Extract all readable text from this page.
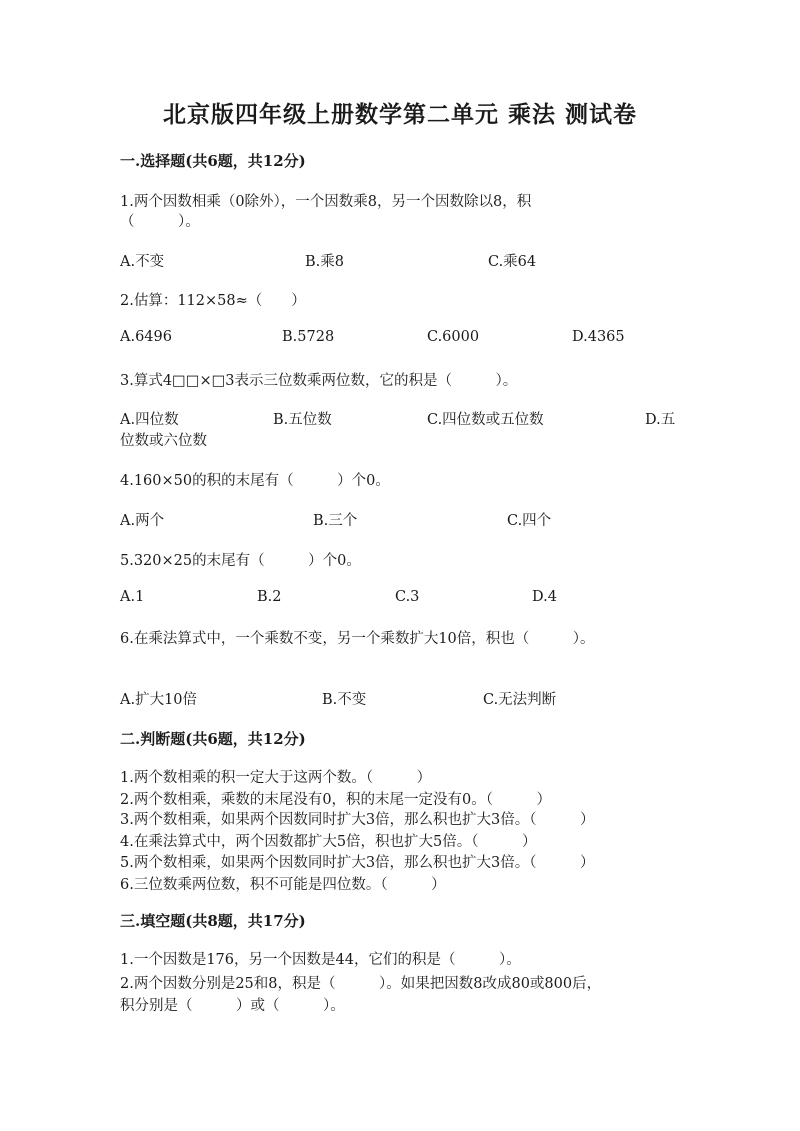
北京版四年级上册数学第二单元 乘法 测试卷
一.选择题(共6题，共12分)
1.两个因数相乘（0除外），一个因数乘8，另一个因数除以8，积
（　　　）。
A.不变	B.乘8	C.乘64
2.估算：112×58≈（　　）
A.6496	B.5728	C.6000	D.4365
3.算式4□□×□3表示三位数乘两位数，它的积是（　　　）。
A.四位数	B.五位数	C.四位数或五位数	D.五
位数或六位数
4.160×50的积的末尾有（　　　）个0。
A.两个	B.三个	C.四个
5.320×25的末尾有（　　　）个0。
A.1	B.2	C.3	D.4
6.在乘法算式中，一个乘数不变，另一个乘数扩大10倍，积也（　　　）。
A.扩大10倍	B.不变	C.无法判断
二.判断题(共6题，共12分)
1.两个数相乘的积一定大于这两个数。（　　　）
2.两个数相乘，乘数的末尾没有0，积的末尾一定没有0。（　　　）
3.两个数相乘，如果两个因数同时扩大3倍，那么积也扩大3倍。（　　　）
4.在乘法算式中，两个因数都扩大5倍，积也扩大5倍。（　　　）
5.两个数相乘，如果两个因数同时扩大3倍，那么积也扩大3倍。（　　　）
6.三位数乘两位数，积不可能是四位数。（　　　）
三.填空题(共8题，共17分)
1.一个因数是176，另一个因数是44，它们的积是（　　　）。
2.两个因数分别是25和8，积是（　　　）。如果把因数8改成80或800后，
积分别是（　　　）或（　　　）。
